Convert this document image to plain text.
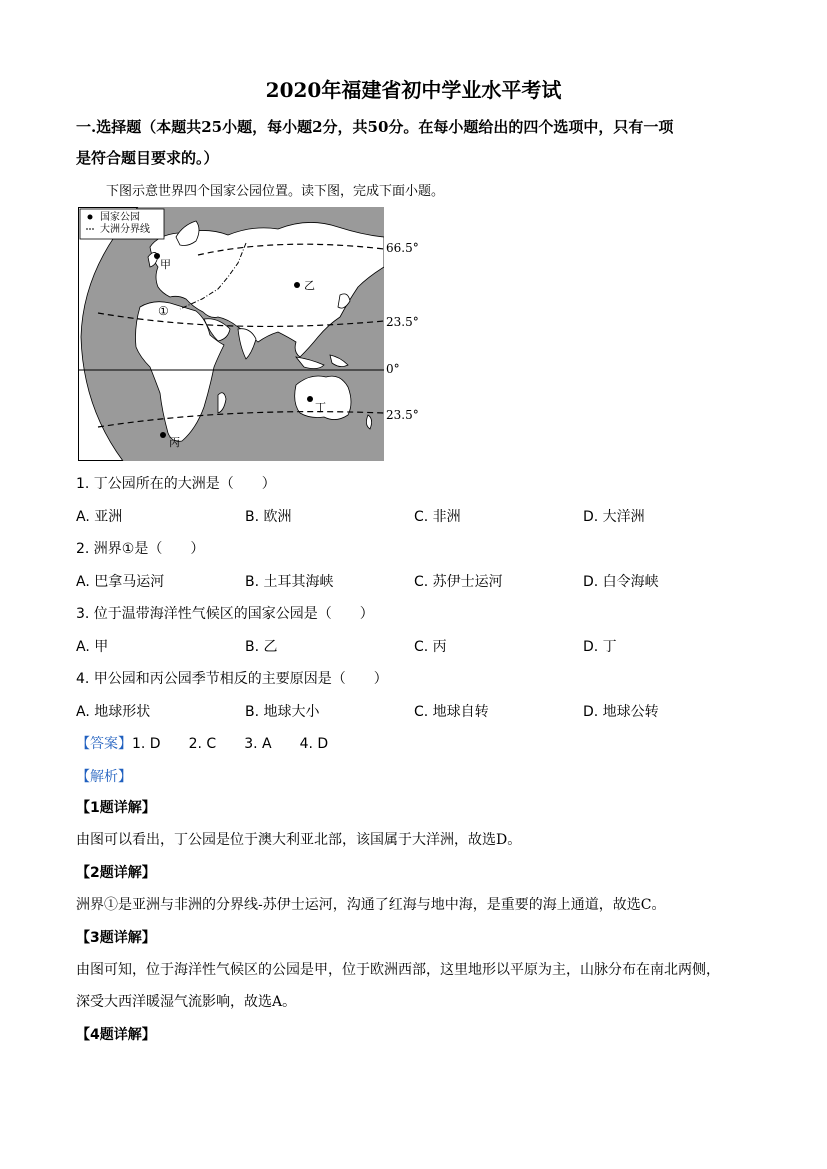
2020年福建省初中学业水平考试
一.选择题（本题共25小题，每小题2分，共50分。在每小题给出的四个选项中，只有一项
是符合题目要求的。）
下图示意世界四个国家公园位置。读下图，完成下面小题。
国家公园
大洲分界线
甲
乙
丙
丁
①
66.5°
23.5°
0°
23.5°
1. 丁公园所在的大洲是（　　）
A. 亚洲	B. 欧洲	C. 非洲	D. 大洋洲
2. 洲界①是（　　）
A. 巴拿马运河	B. 土耳其海峡	C. 苏伊士运河	D. 白令海峡
3. 位于温带海洋性气候区的国家公园是（　　）
A. 甲	B. 乙	C. 丙	D. 丁
4. 甲公园和丙公园季节相反的主要原因是（　　）
A. 地球形状	B. 地球大小	C. 地球自转	D. 地球公转
【答案】1. D 2. C 3. A 4. D
【解析】
【1题详解】
由图可以看出，丁公园是位于澳大利亚北部，该国属于大洋洲，故选D。
【2题详解】
洲界①是亚洲与非洲的分界线-苏伊士运河，沟通了红海与地中海，是重要的海上通道，故选C。
【3题详解】
由图可知，位于海洋性气候区的公园是甲，位于欧洲西部，这里地形以平原为主，山脉分布在南北两侧，
深受大西洋暖湿气流影响，故选A。
【4题详解】
